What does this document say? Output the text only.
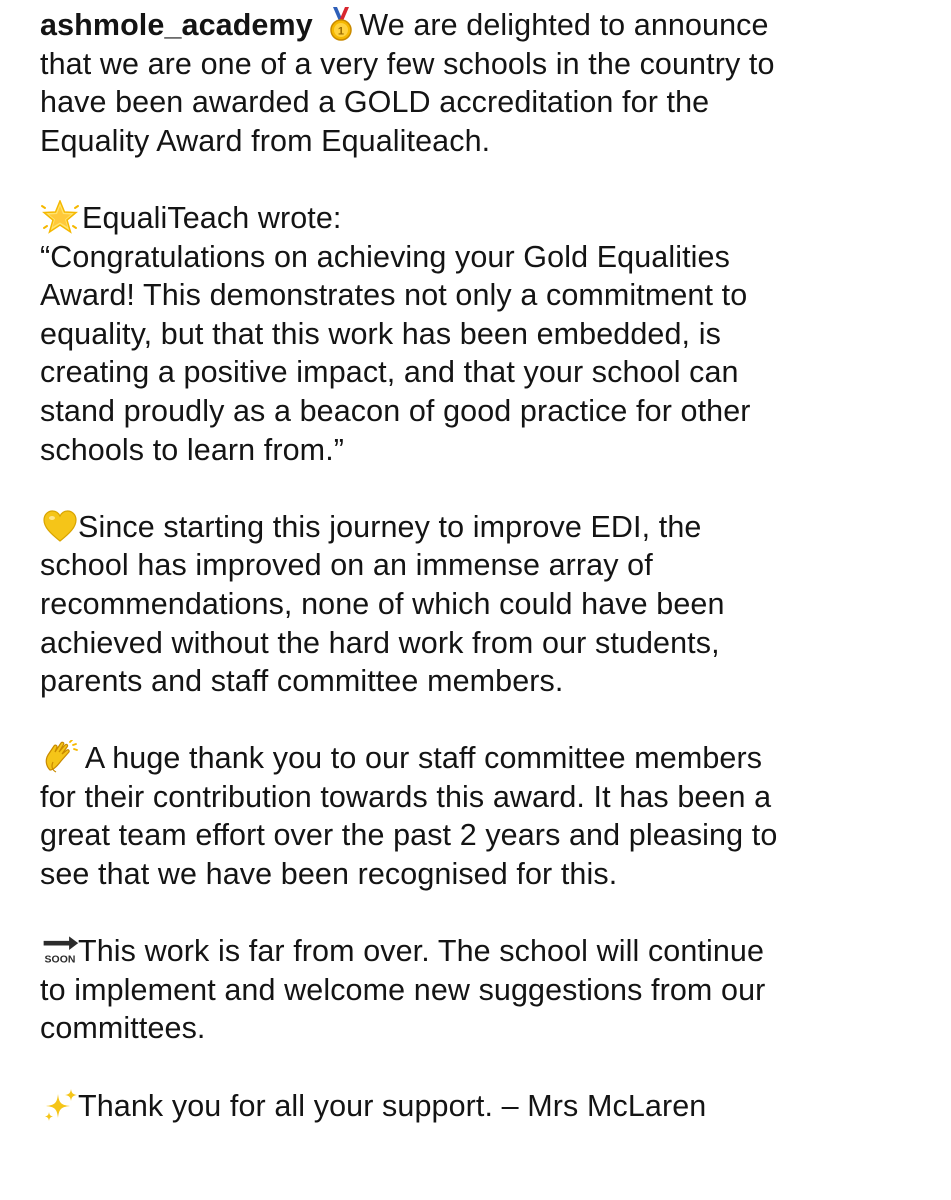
ashmole_academy 1 We are delighted to announce
that we are one of a very few schools in the country to
have been awarded a GOLD accreditation for the
Equality Award from Equaliteach.
EqualiTeach wrote:
“Congratulations on achieving your Gold Equalities
Award! This demonstrates not only a commitment to
equality, but that this work has been embedded, is
creating a positive impact, and that your school can
stand proudly as a beacon of good practice for other
schools to learn from.”
Since starting this journey to improve EDI, the
school has improved on an immense array of
recommendations, none of which could have been
achieved without the hard work from our students,
parents and staff committee members.
A huge thank you to our staff committee members
for their contribution towards this award. It has been a
great team effort over the past 2 years and pleasing to
see that we have been recognised for this.
SOON This work is far from over. The school will continue
to implement and welcome new suggestions from our
committees.
Thank you for all your support. – Mrs McLaren
